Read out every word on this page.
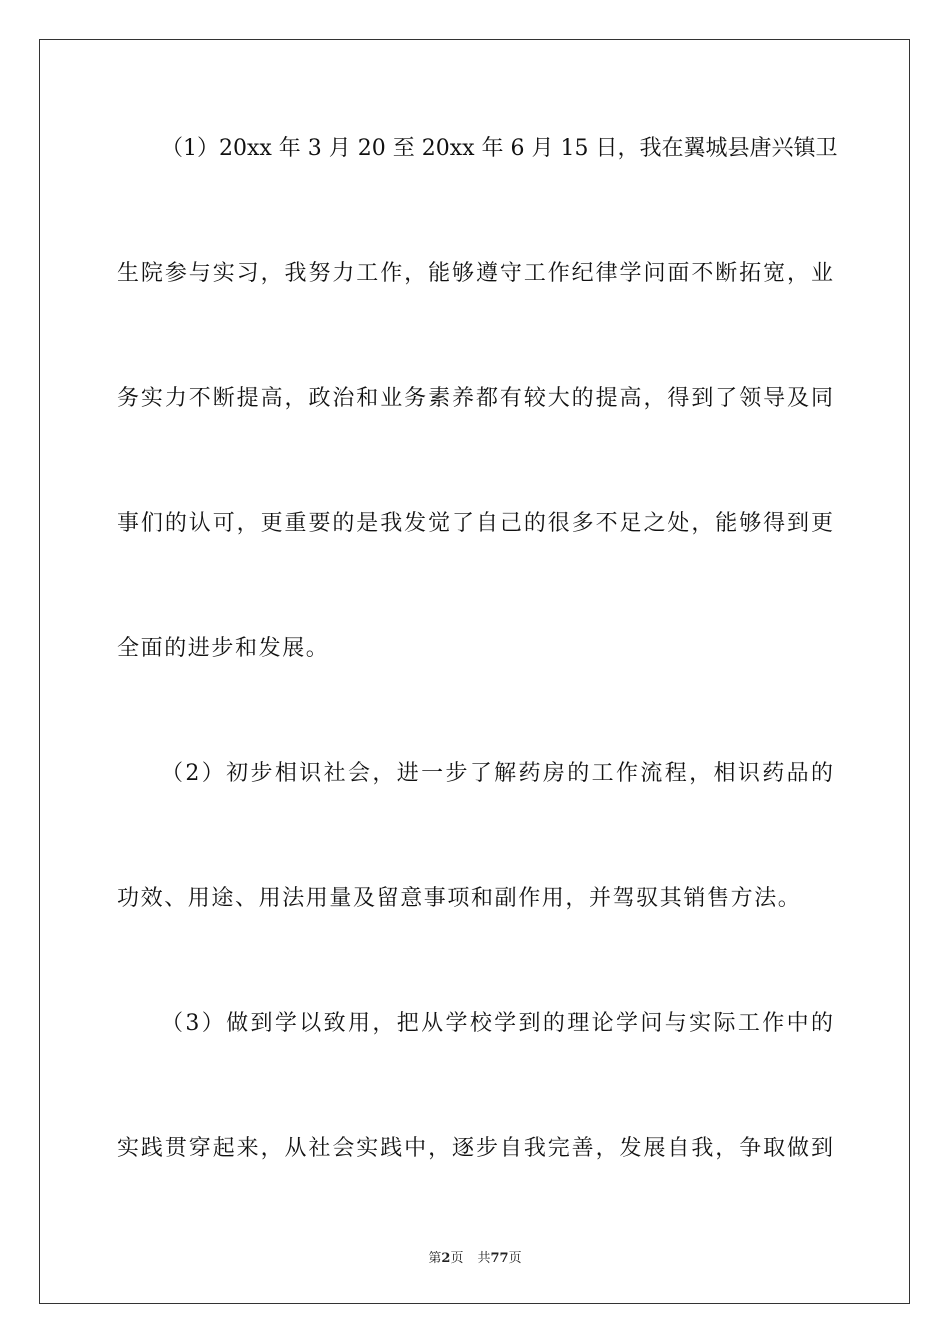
（1）20xx 年 3 月 20 至 20xx 年 6 月 15 日，我在翼城县唐兴镇卫
生院参与实习，我努力工作，能够遵守工作纪律学问面不断拓宽，业
务实力不断提高，政治和业务素养都有较大的提高，得到了领导及同
事们的认可，更重要的是我发觉了自己的很多不足之处，能够得到更
全面的进步和发展。
（2）初步相识社会，进一步了解药房的工作流程，相识药品的
功效、用途、用法用量及留意事项和副作用，并驾驭其销售方法。
（3）做到学以致用，把从学校学到的理论学问与实际工作中的
实践贯穿起来，从社会实践中，逐步自我完善，发展自我，争取做到
第2页 共77页
